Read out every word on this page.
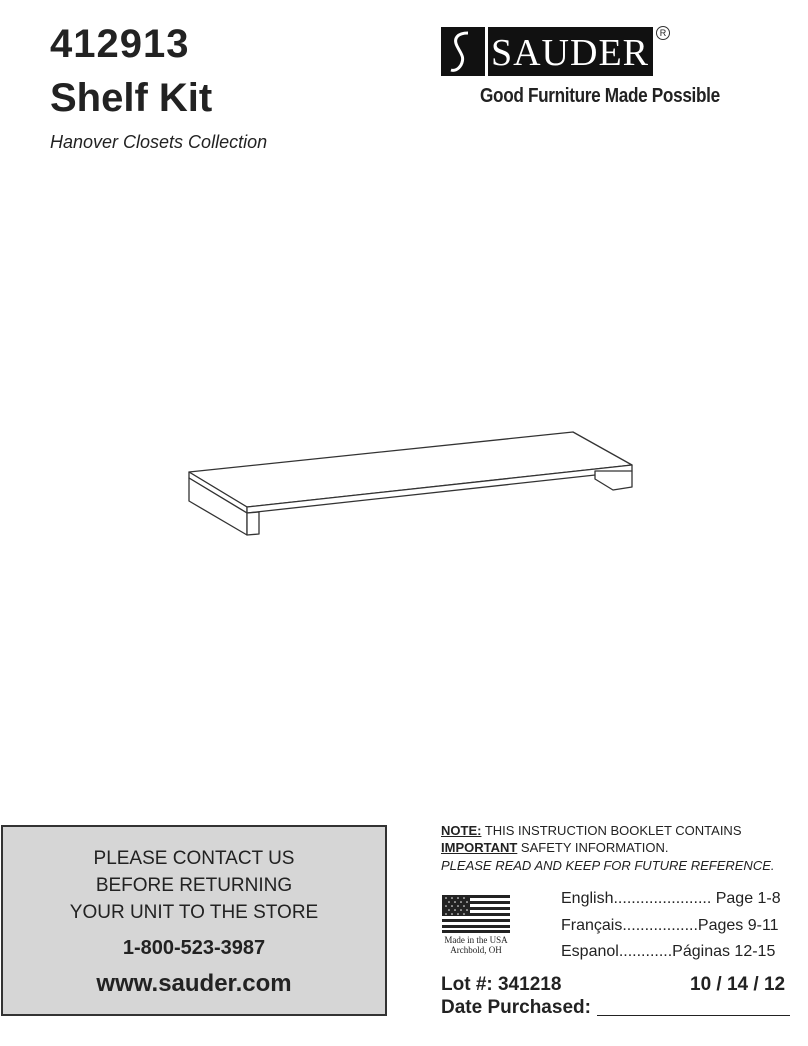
412913
Shelf Kit
Hanover Closets Collection
SAUDER	R
Good Furniture Made Possible
PLEASE CONTACT US
BEFORE RETURNING
YOUR UNIT TO THE STORE
1-800-523-3987
www.sauder.com
NOTE: THIS INSTRUCTION BOOKLET CONTAINS
IMPORTANT SAFETY INFORMATION.
PLEASE READ AND KEEP FOR FUTURE REFERENCE.
Made in the USA
Archbold, OH
English...................... Page 1-8
Français.................Pages 9-11
Espanol............Páginas 12-15
Lot #: 341218	10 / 14 / 12
Date Purchased:
